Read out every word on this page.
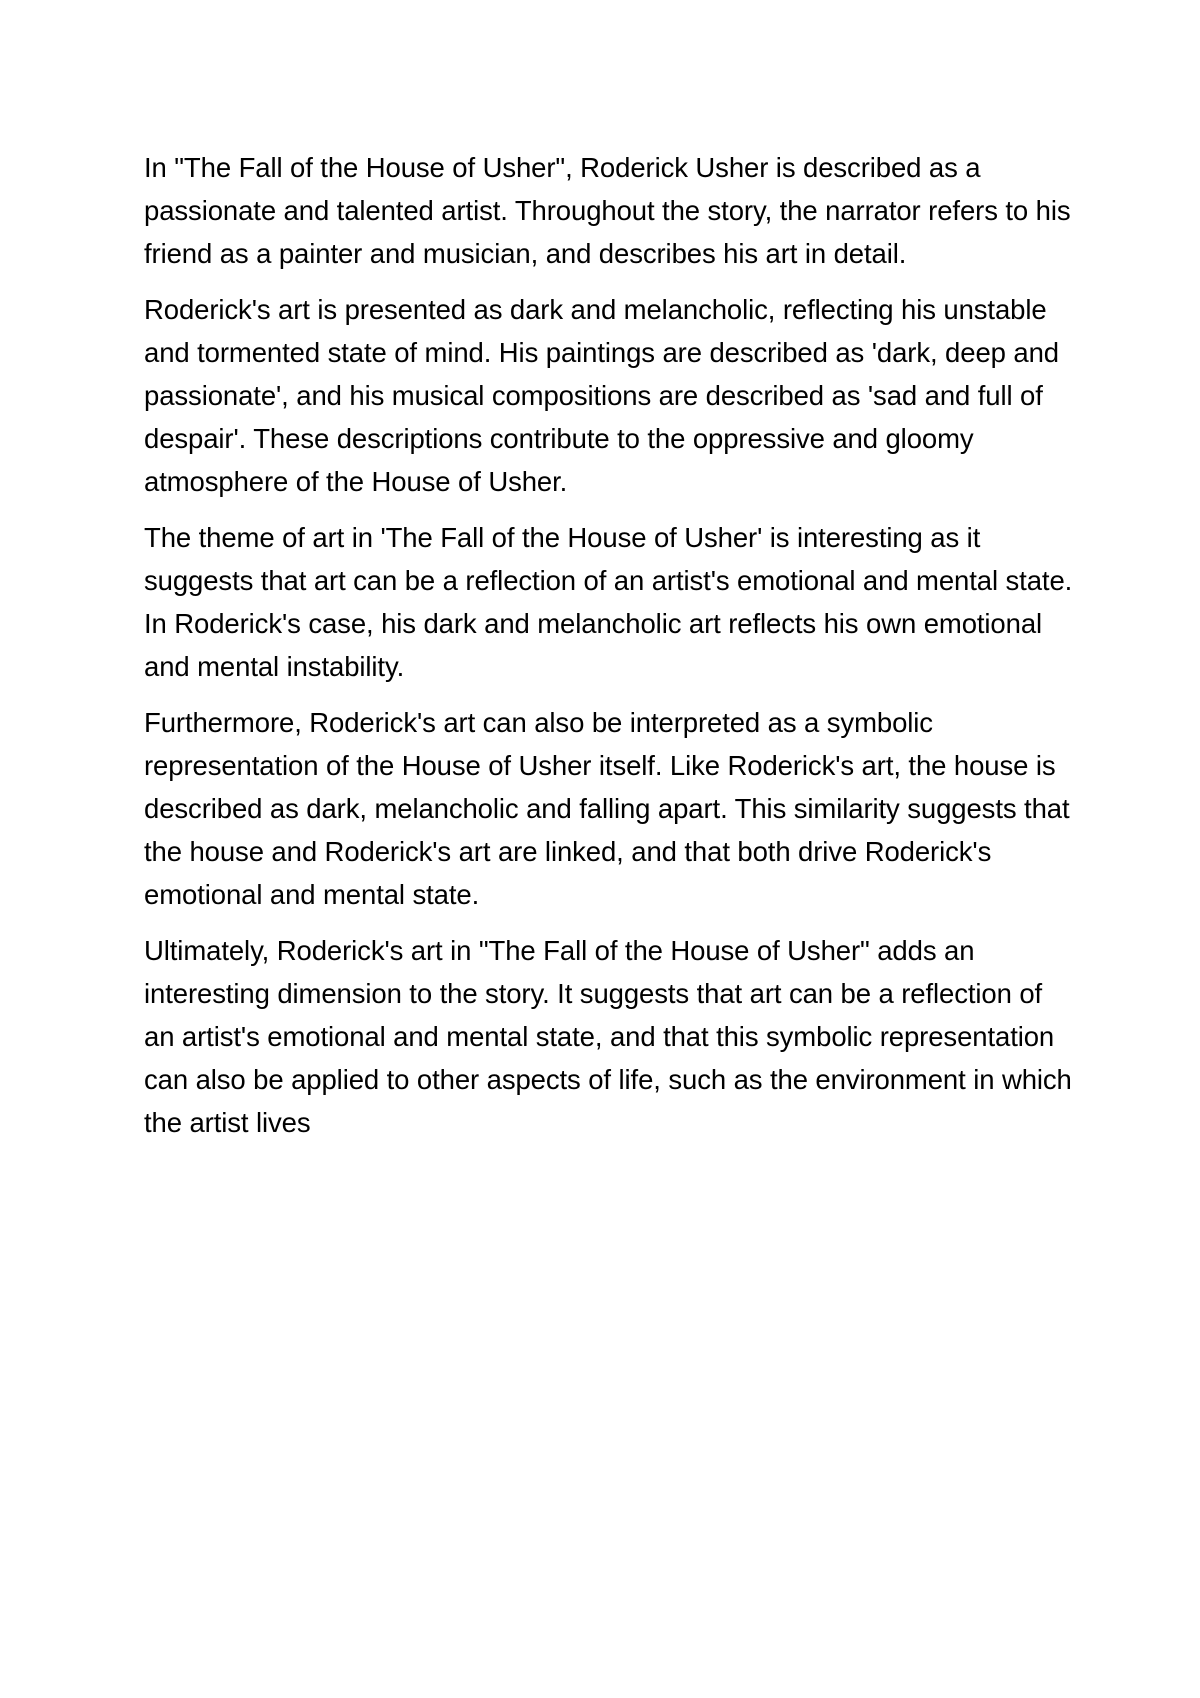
In "The Fall of the House of Usher", Roderick Usher is described as a passionate and talented artist. Throughout the story, the narrator refers to his friend as a painter and musician, and describes his art in detail.

Roderick's art is presented as dark and melancholic, reflecting his unstable and tormented state of mind. His paintings are described as 'dark, deep and passionate', and his musical compositions are described as 'sad and full of despair'. These descriptions contribute to the oppressive and gloomy atmosphere of the House of Usher.

The theme of art in 'The Fall of the House of Usher' is interesting as it suggests that art can be a reflection of an artist's emotional and mental state. In Roderick's case, his dark and melancholic art reflects his own emotional and mental instability.

Furthermore, Roderick's art can also be interpreted as a symbolic representation of the House of Usher itself. Like Roderick's art, the house is described as dark, melancholic and falling apart. This similarity suggests that the house and Roderick's art are linked, and that both drive Roderick's emotional and mental state.

Ultimately, Roderick's art in "The Fall of the House of Usher" adds an interesting dimension to the story. It suggests that art can be a reflection of an artist's emotional and mental state, and that this symbolic representation can also be applied to other aspects of life, such as the environment in which the artist lives
